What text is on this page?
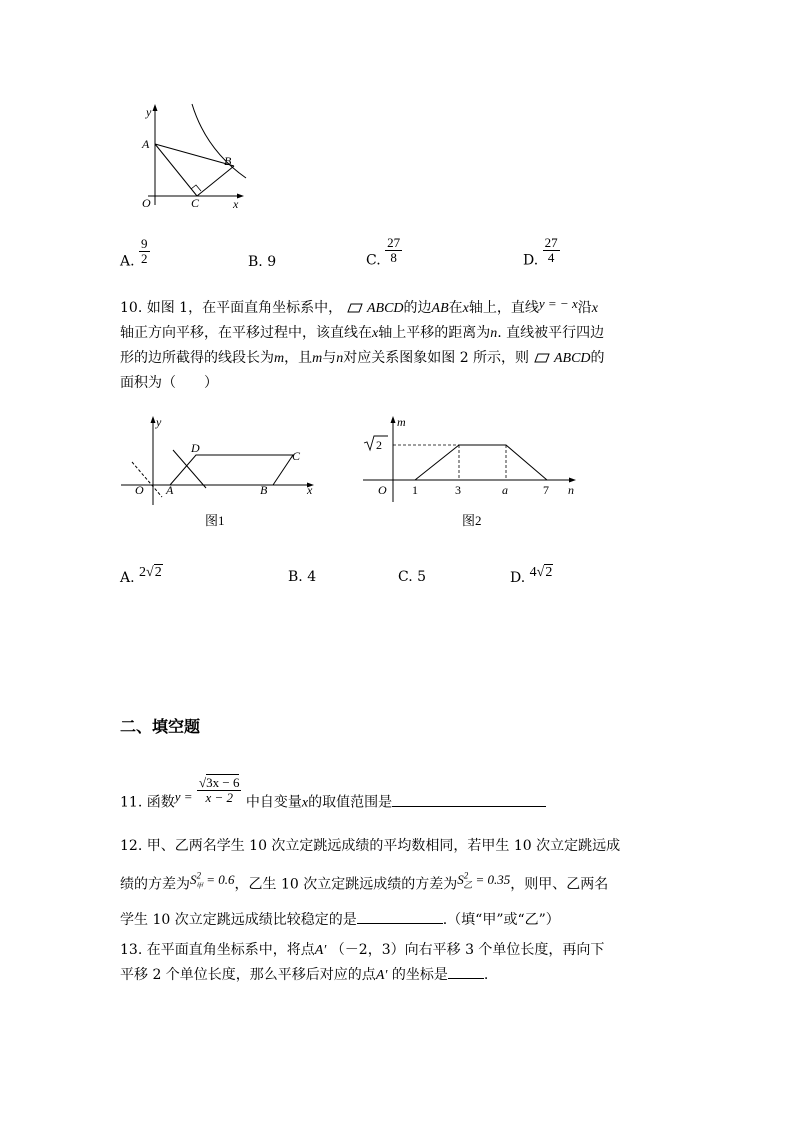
y
x
O
A
B
C
A. $\frac{9}{2}$	B. 9	C. $\frac{27}{8}$	D. $\frac{27}{4}$
10. 如图 1，在平面直角坐标系中， ABCD的边AB在x轴上，直线y = − x沿x
轴正方向平移，在平移过程中，该直线在x轴上平移的距离为n. 直线被平行四边
形的边所截得的线段长为m，且m与n对应关系图象如图 2 所示，则 ABCD的
面积为（　　）
y
x
O A	B
C
D
图1
m
n
O
2
1	3	a	7
图2
A. 2√2	B. 4	C. 5	D. 4√2
二、填空题
11. 函数$y = \frac{√3x - 6}{x - 2}$ 中自变量x的取值范围是
12. 甲、乙两名学生 10 次立定跳远成绩的平均数相同，若甲生 10 次立定跳远成
绩的方差为$S^2_甲 = 0.6$，乙生 10 次立定跳远成绩的方差为$S^2_乙 = 0.35$，则甲、乙两名
学生 10 次立定跳远成绩比较稳定的是	.（填“甲”或“乙”）
13. 在平面直角坐标系中，将点A′ （－2，3）向右平移 3 个单位长度，再向下
平移 2 个单位长度，那么平移后对应的点A′ 的坐标是	.
